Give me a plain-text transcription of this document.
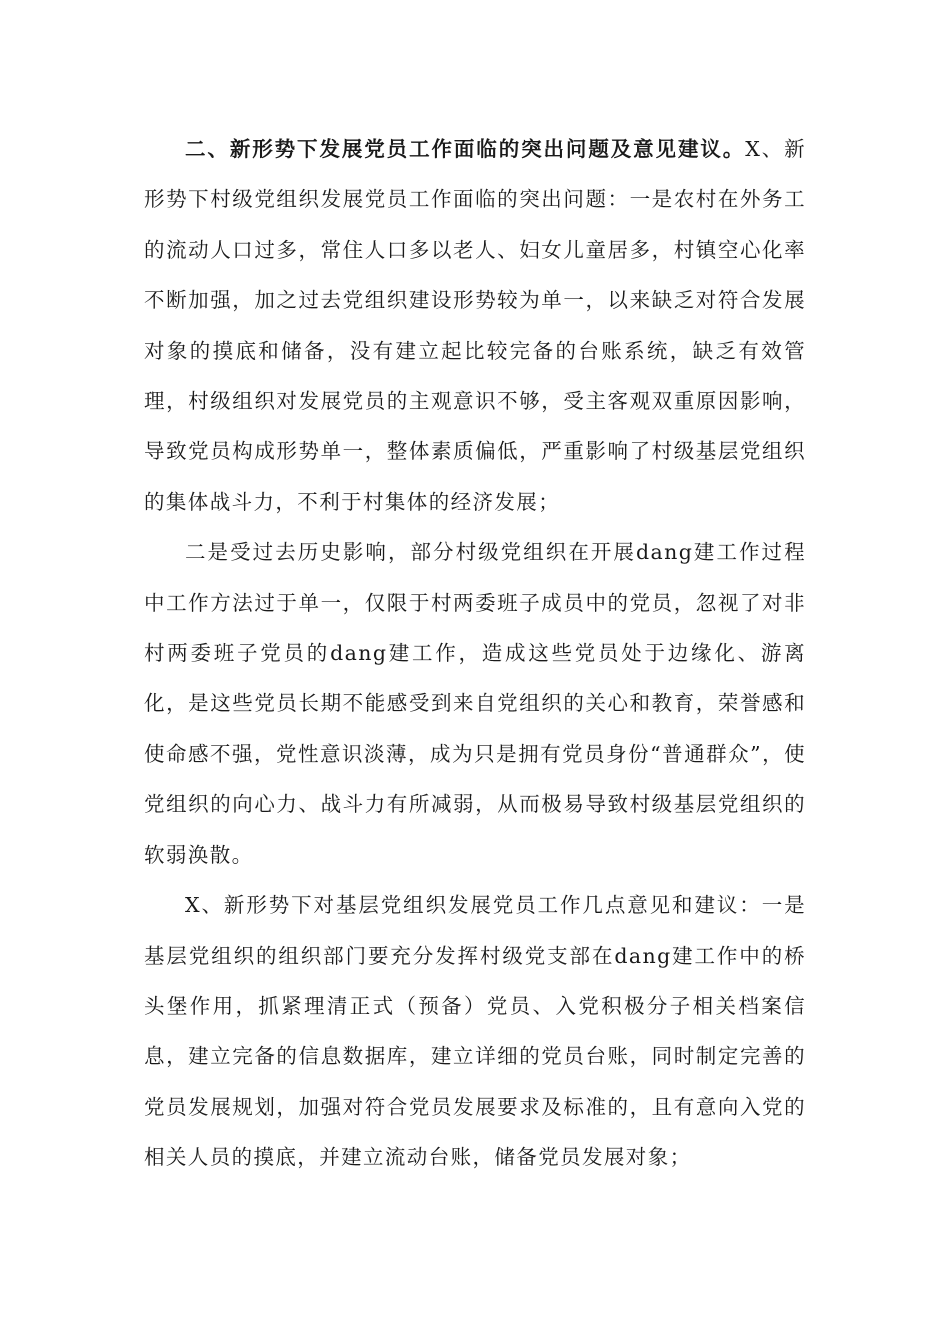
二、新形势下发展党员工作面临的突出问题及意见建议。X、新形势下村级党组织发展党员工作面临的突出问题：一是农村在外务工的流动人口过多，常住人口多以老人、妇女儿童居多，村镇空心化率不断加强，加之过去党组织建设形势较为单一，以来缺乏对符合发展对象的摸底和储备，没有建立起比较完备的台账系统，缺乏有效管理，村级组织对发展党员的主观意识不够，受主客观双重原因影响，导致党员构成形势单一，整体素质偏低，严重影响了村级基层党组织的集体战斗力，不利于村集体的经济发展；

二是受过去历史影响，部分村级党组织在开展dang建工作过程中工作方法过于单一，仅限于村两委班子成员中的党员，忽视了对非村两委班子党员的dang建工作，造成这些党员处于边缘化、游离化，是这些党员长期不能感受到来自党组织的关心和教育，荣誉感和使命感不强，党性意识淡薄，成为只是拥有党员身份“普通群众”，使党组织的向心力、战斗力有所减弱，从而极易导致村级基层党组织的软弱涣散。

X、新形势下对基层党组织发展党员工作几点意见和建议：一是基层党组织的组织部门要充分发挥村级党支部在dang建工作中的桥头堡作用，抓紧理清正式（预备）党员、入党积极分子相关档案信息，建立完备的信息数据库，建立详细的党员台账，同时制定完善的党员发展规划，加强对符合党员发展要求及标准的，且有意向入党的相关人员的摸底，并建立流动台账，储备党员发展对象；
